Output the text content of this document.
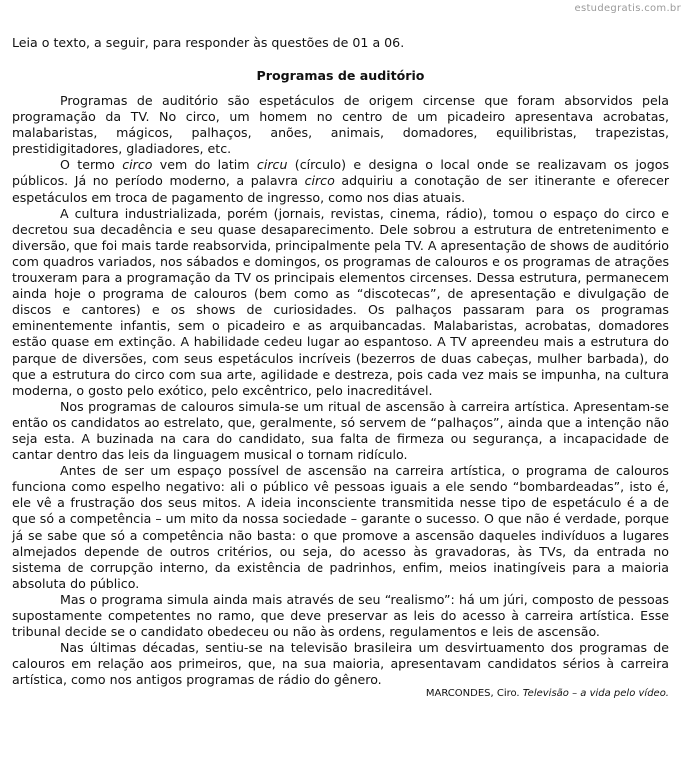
estudegratis.com.br

Leia o texto, a seguir, para responder às questões de 01 a 06.

Programas de auditório

Programas de auditório são espetáculos de origem circense que foram absorvidos pela programação da TV. No circo, um homem no centro de um picadeiro apresentava acrobatas, malabaristas, mágicos, palhaços, anões, animais, domadores, equilibristas, trapezistas, prestidigitadores, gladiadores, etc.

O termo circo vem do latim circu (círculo) e designa o local onde se realizavam os jogos públicos. Já no período moderno, a palavra circo adquiriu a conotação de ser itinerante e oferecer espetáculos em troca de pagamento de ingresso, como nos dias atuais.

A cultura industrializada, porém (jornais, revistas, cinema, rádio), tomou o espaço do circo e decretou sua decadência e seu quase desaparecimento. Dele sobrou a estrutura de entretenimento e diversão, que foi mais tarde reabsorvida, principalmente pela TV. A apresentação de shows de auditório com quadros variados, nos sábados e domingos, os programas de calouros e os programas de atrações trouxeram para a programação da TV os principais elementos circenses. Dessa estrutura, permanecem ainda hoje o programa de calouros (bem como as “discotecas”, de apresentação e divulgação de discos e cantores) e os shows de curiosidades. Os palhaços passaram para os programas eminentemente infantis, sem o picadeiro e as arquibancadas. Malabaristas, acrobatas, domadores estão quase em extinção. A habilidade cedeu lugar ao espantoso. A TV apreendeu mais a estrutura do parque de diversões, com seus espetáculos incríveis (bezerros de duas cabeças, mulher barbada), do que a estrutura do circo com sua arte, agilidade e destreza, pois cada vez mais se impunha, na cultura moderna, o gosto pelo exótico, pelo excêntrico, pelo inacreditável.

Nos programas de calouros simula-se um ritual de ascensão à carreira artística. Apresentam-se então os candidatos ao estrelato, que, geralmente, só servem de “palhaços”, ainda que a intenção não seja esta. A buzinada na cara do candidato, sua falta de firmeza ou segurança, a incapacidade de cantar dentro das leis da linguagem musical o tornam ridículo.

Antes de ser um espaço possível de ascensão na carreira artística, o programa de calouros funciona como espelho negativo: ali o público vê pessoas iguais a ele sendo “bombardeadas”, isto é, ele vê a frustração dos seus mitos. A ideia inconsciente transmitida nesse tipo de espetáculo é a de que só a competência – um mito da nossa sociedade – garante o sucesso. O que não é verdade, porque já se sabe que só a competência não basta: o que promove a ascensão daqueles indivíduos a lugares almejados depende de outros critérios, ou seja, do acesso às gravadoras, às TVs, da entrada no sistema de corrupção interno, da existência de padrinhos, enfim, meios inatingíveis para a maioria absoluta do público.

Mas o programa simula ainda mais através de seu “realismo”: há um júri, composto de pessoas supostamente competentes no ramo, que deve preservar as leis do acesso à carreira artística. Esse tribunal decide se o candidato obedeceu ou não às ordens, regulamentos e leis de ascensão.

Nas últimas décadas, sentiu-se na televisão brasileira um desvirtuamento dos programas de calouros em relação aos primeiros, que, na sua maioria, apresentavam candidatos sérios à carreira artística, como nos antigos programas de rádio do gênero.

MARCONDES, Ciro. Televisão – a vida pelo vídeo.
